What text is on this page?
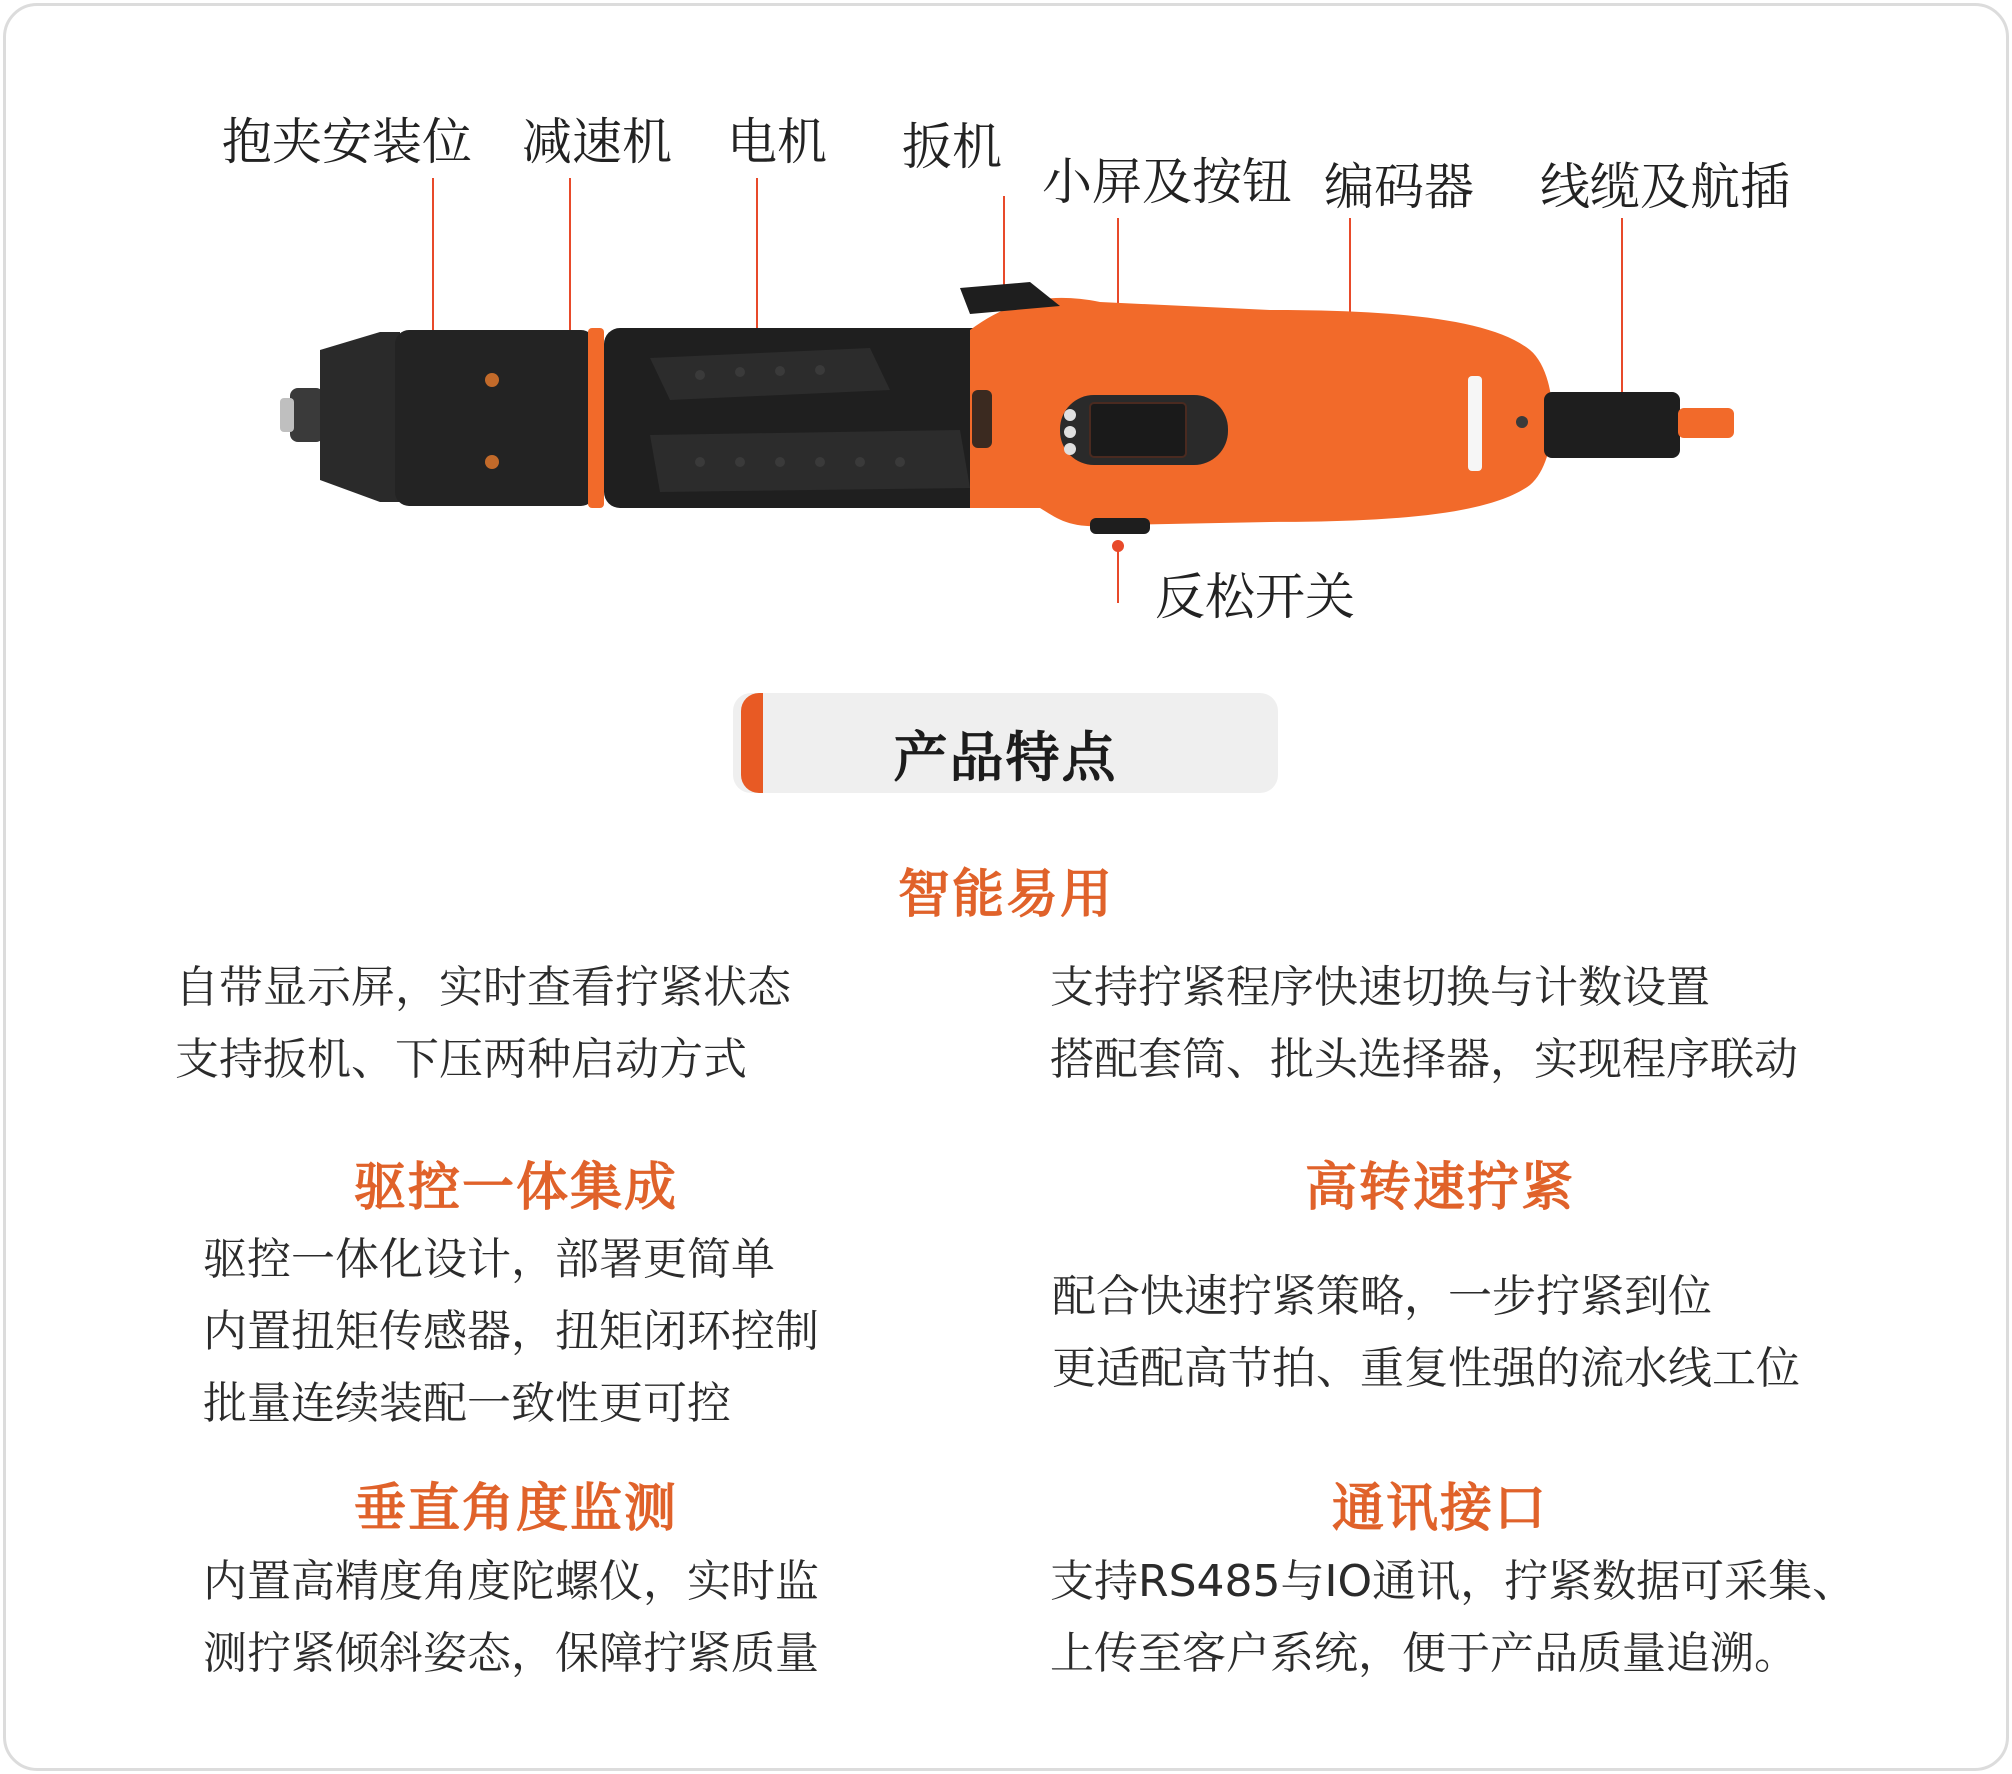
抱夹安装位 减速机 电机 扳机
小屏及按钮 编码器 线缆及航插
反松开关
产品特点
智能易用
自带显示屏，实时查看拧紧状态
支持扳机、下压两种启动方式
支持拧紧程序快速切换与计数设置
搭配套筒、批头选择器，实现程序联动
驱控一体集成
驱控一体化设计，部署更简单
内置扭矩传感器，扭矩闭环控制
批量连续装配一致性更可控
高转速拧紧
配合快速拧紧策略，一步拧紧到位
更适配高节拍、重复性强的流水线工位
垂直角度监测
内置高精度角度陀螺仪，实时监
测拧紧倾斜姿态，保障拧紧质量
通讯接口
支持RS485与IO通讯，拧紧数据可采集、
上传至客户系统，便于产品质量追溯。
